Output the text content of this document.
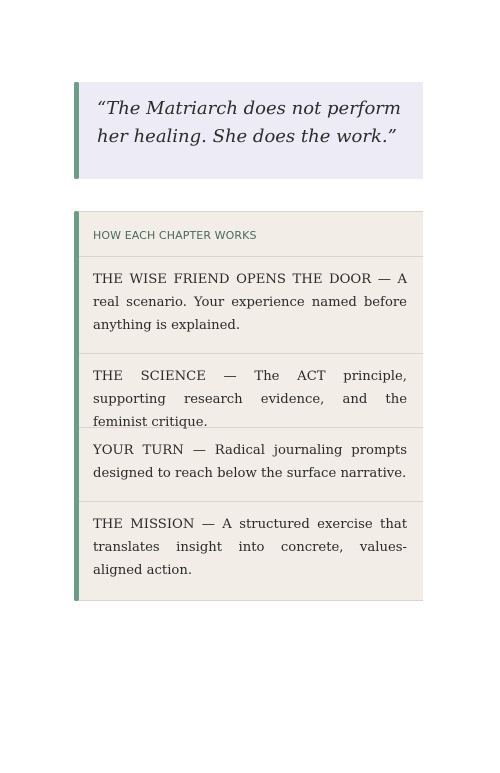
“The Matriarch does not perform her healing. She does the work.”

HOW EACH CHAPTER WORKS

THE WISE FRIEND OPENS THE DOOR — A real scenario. Your experience named before anything is explained.

THE SCIENCE — The ACT principle, supporting research evidence, and the feminist critique.

YOUR TURN — Radical journaling prompts designed to reach below the surface narrative.

THE MISSION — A structured exercise that translates insight into concrete, values-aligned action.
